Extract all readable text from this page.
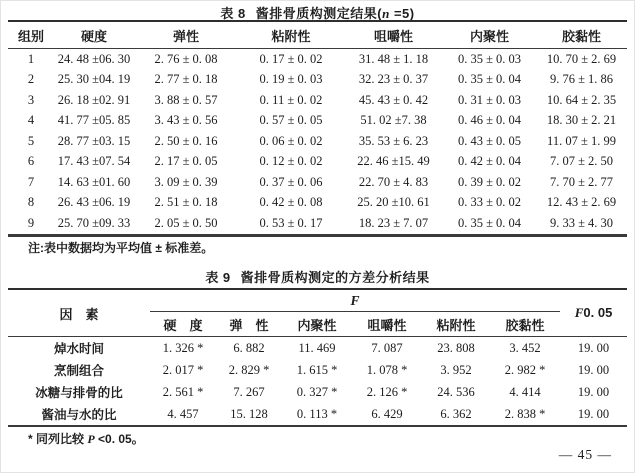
表 8 酱排骨质构测定结果(n =5)
组别	硬度	弹性	粘附性	咀嚼性	内聚性	胶黏性
1	24. 48 ±06. 30	2. 76 ± 0. 08	0. 17 ± 0. 02	31. 48 ± 1. 18	0. 35 ± 0. 03	10. 70 ± 2. 69
2	25. 30 ±04. 19	2. 77 ± 0. 18	0. 19 ± 0. 03	32. 23 ± 0. 37	0. 35 ± 0. 04	9. 76 ± 1. 86
3	26. 18 ±02. 91	3. 88 ± 0. 57	0. 11 ± 0. 02	45. 43 ± 0. 42	0. 31 ± 0. 03	10. 64 ± 2. 35
4	41. 77 ±05. 85	3. 43 ± 0. 56	0. 57 ± 0. 05	51. 02 ±7. 38	0. 46 ± 0. 04	18. 30 ± 2. 21
5	28. 77 ±03. 15	2. 50 ± 0. 16	0. 06 ± 0. 02	35. 53 ± 6. 23	0. 43 ± 0. 05	11. 07 ± 1. 99
6	17. 43 ±07. 54	2. 17 ± 0. 05	0. 12 ± 0. 02	22. 46 ±15. 49	0. 42 ± 0. 04	7. 07 ± 2. 50
7	14. 63 ±01. 60	3. 09 ± 0. 39	0. 37 ± 0. 06	22. 70 ± 4. 83	0. 39 ± 0. 02	7. 70 ± 2. 77
8	26. 43 ±06. 19	2. 51 ± 0. 18	0. 42 ± 0. 08	25. 20 ±10. 61	0. 33 ± 0. 02	12. 43 ± 2. 69
9	25. 70 ±09. 33	2. 05 ± 0. 50	0. 53 ± 0. 17	18. 23 ± 7. 07	0. 35 ± 0. 04	9. 33 ± 4. 30
注:表中数据均为平均值 ± 标准差。
表 9 酱排骨质构测定的方差分析结果
因　素	F						F0. 05
	硬　度	弹　性	内聚性	咀嚼性	粘附性	胶黏性	
焯水时间	1. 326 *	6. 882	11. 469	7. 087	23. 808	3. 452	19. 00
烹制组合	2. 017 *	2. 829 *	1. 615 *	1. 078 *	3. 952	2. 982 *	19. 00
冰糖与排骨的比	2. 561 *	7. 267	0. 327 *	2. 126 *	24. 536	4. 414	19. 00
酱油与水的比	4. 457	15. 128	0. 113 *	6. 429	6. 362	2. 838 *	19. 00
* 同列比较 P <0. 05。
— 45 —
